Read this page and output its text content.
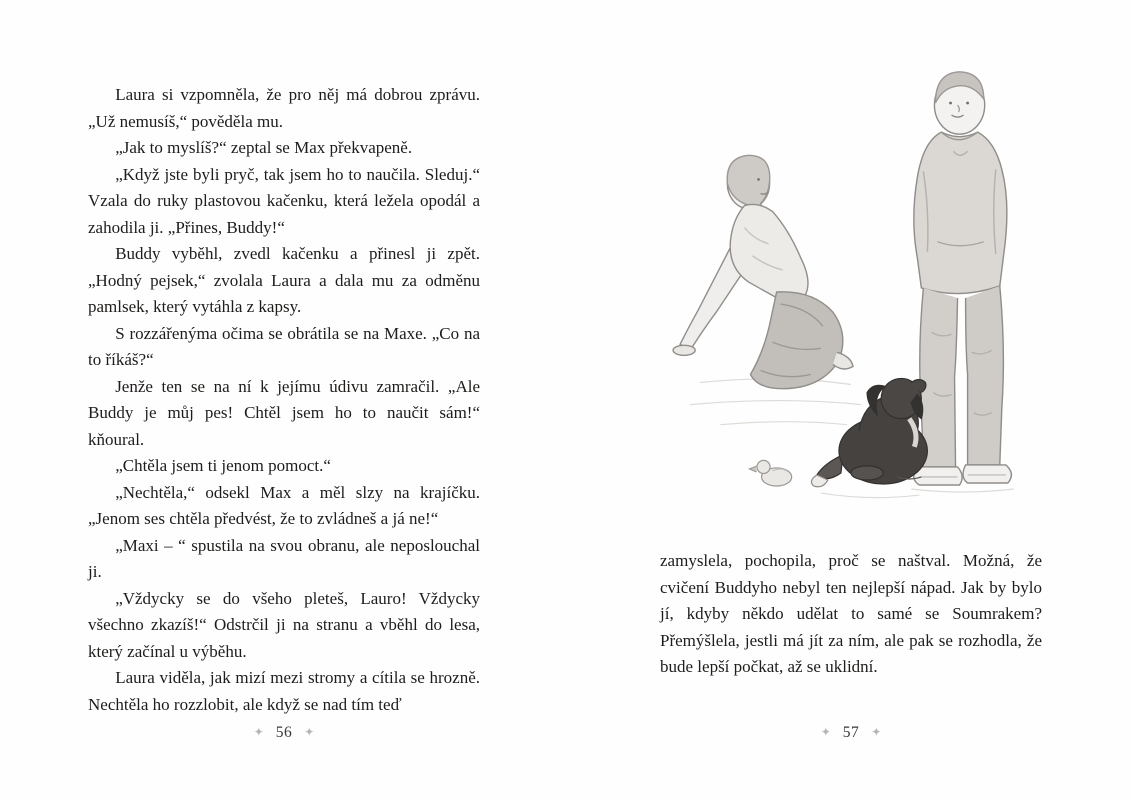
Laura si vzpomněla, že pro něj má dobrou zprávu. „Už nemusíš,“ pověděla mu.

„Jak to myslíš?“ zeptal se Max překvapeně.

„Když jste byli pryč, tak jsem ho to naučila. Sleduj.“ Vzala do ruky plastovou kačenku, která ležela opodál a zahodila ji. „Přines, Buddy!“

Buddy vyběhl, zvedl kačenku a přinesl ji zpět. „Hodný pejsek,“ zvolala Laura a dala mu za odměnu pamlsek, který vytáhla z kapsy.

S rozzářenýma očima se obrátila se na Maxe. „Co na to říkáš?“

Jenže ten se na ní k jejímu údivu zamračil. „Ale Buddy je můj pes! Chtěl jsem ho to naučit sám!“ kňoural.

„Chtěla jsem ti jenom pomoct.“

„Nechtěla,“ odsekl Max a měl slzy na krajíčku. „Jenom ses chtěla předvést, že to zvládneš a já ne!“

„Maxi – “ spustila na svou obranu, ale neposlouchal ji.

„Vždycky se do všeho pleteš, Lauro! Vždycky všechno zkazíš!“ Odstrčil ji na stranu a vběhl do lesa, který začínal u výběhu.

Laura viděla, jak mizí mezi stromy a cítila se hrozně. Nechtěla ho rozzlobit, ale když se nad tím teď

✦ 56 ✦

zamyslela, pochopila, proč se naštval. Možná, že cvičení Buddyho nebyl ten nejlepší nápad. Jak by bylo jí, kdyby někdo udělat to samé se Soumrakem? Přemýšlela, jestli má jít za ním, ale pak se rozhodla, že bude lepší počkat, až se uklidní.

✦ 57 ✦
